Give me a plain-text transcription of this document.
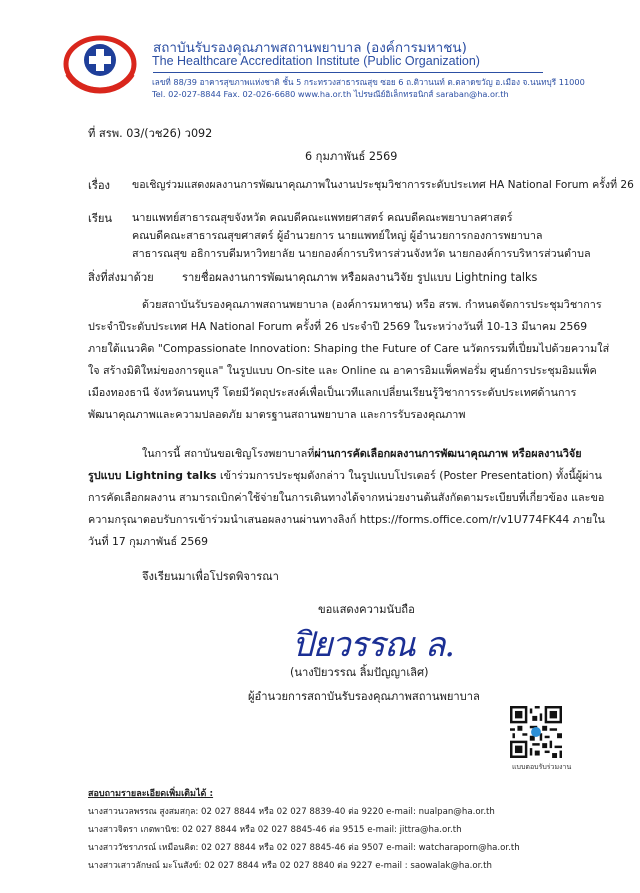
สถาบันรับรองคุณภาพสถานพยาบาล (องค์การมหาชน)
The Healthcare Accreditation Institute (Public Organization)
เลขที่ 88/39 อาคารสุขภาพแห่งชาติ ชั้น 5 กระทรวงสาธารณสุข ซอย 6 ถ.ติวานนท์ ต.ตลาดขวัญ อ.เมือง จ.นนทบุรี 11000
Tel. 02-027-8844 Fax. 02-026-6680 www.ha.or.th ไปรษณีย์อิเล็กทรอนิกส์ saraban@ha.or.th
ที่ สรพ. 03/(วช26) ว092
6 กุมภาพันธ์ 2569
เรื่อง ขอเชิญร่วมแสดงผลงานการพัฒนาคุณภาพในงานประชุมวิชาการระดับประเทศ HA National Forum ครั้งที่ 26
เรียน นายแพทย์สาธารณสุขจังหวัด คณบดีคณะแพทยศาสตร์ คณบดีคณะพยาบาลศาสตร์
คณบดีคณะสาธารณสุขศาสตร์ ผู้อำนวยการ นายแพทย์ใหญ่ ผู้อำนวยการกองการพยาบาล
สาธารณสุข อธิการบดีมหาวิทยาลัย นายกองค์การบริหารส่วนจังหวัด นายกองค์การบริหารส่วนตำบล
สิ่งที่ส่งมาด้วย	รายชื่อผลงานการพัฒนาคุณภาพ หรือผลงานวิจัย รูปแบบ Lightning talks
ด้วยสถาบันรับรองคุณภาพสถานพยาบาล (องค์การมหาชน) หรือ สรพ. กำหนดจัดการประชุมวิชาการ
ประจำปีระดับประเทศ HA National Forum ครั้งที่ 26 ประจำปี 2569 ในระหว่างวันที่ 10-13 มีนาคม 2569
ภายใต้แนวคิด "Compassionate Innovation: Shaping the Future of Care นวัตกรรมที่เปี่ยมไปด้วยความใส่
ใจ สร้างมิติใหม่ของการดูแล" ในรูปแบบ On-site และ Online ณ อาคารอิมแพ็คฟอรั่ม ศูนย์การประชุมอิมแพ็ค
เมืองทองธานี จังหวัดนนทบุรี โดยมีวัตถุประสงค์เพื่อเป็นเวทีแลกเปลี่ยนเรียนรู้วิชาการระดับประเทศด้านการ
พัฒนาคุณภาพและความปลอดภัย มาตรฐานสถานพยาบาล และการรับรองคุณภาพ
ในการนี้ สถาบันขอเชิญโรงพยาบาลที่ผ่านการคัดเลือกผลงานการพัฒนาคุณภาพ หรือผลงานวิจัย
รูปแบบ Lightning talks เข้าร่วมการประชุมดังกล่าว ในรูปแบบโปรเตอร์ (Poster Presentation) ทั้งนี้ผู้ผ่าน
การคัดเลือกผลงาน สามารถเบิกค่าใช้จ่ายในการเดินทางได้จากหน่วยงานต้นสังกัดตามระเบียบที่เกี่ยวข้อง และขอ
ความกรุณาตอบรับการเข้าร่วมนำเสนอผลงานผ่านทางลิงก์ https://forms.office.com/r/v1U774FK44 ภายใน
วันที่ 17 กุมภาพันธ์ 2569
จึงเรียนมาเพื่อโปรดพิจารณา
ขอแสดงความนับถือ
ปิยวรรณ ล.
(นางปิยวรรณ ลิ้มปัญญาเลิศ)
ผู้อำนวยการสถาบันรับรองคุณภาพสถานพยาบาล
แบบตอบรับร่วมงาน
สอบถามรายละเอียดเพิ่มเติมได้ :
นางสาวนวลพรรณ สูงสมสกุล: 02 027 8844 หรือ 02 027 8839-40 ต่อ 9220 e-mail: nualpan@ha.or.th
นางสาวจิตรา เกตพานิช: 02 027 8844 หรือ 02 027 8845-46 ต่อ 9515 e-mail: jittra@ha.or.th
นางสาววัชราภรณ์ เหมือนคิด: 02 027 8844 หรือ 02 027 8845-46 ต่อ 9507 e-mail: watcharaporn@ha.or.th
นางสาวเสาวลักษณ์ มะโนสังข์: 02 027 8844 หรือ 02 027 8840 ต่อ 9227 e-mail : saowalak@ha.or.th
